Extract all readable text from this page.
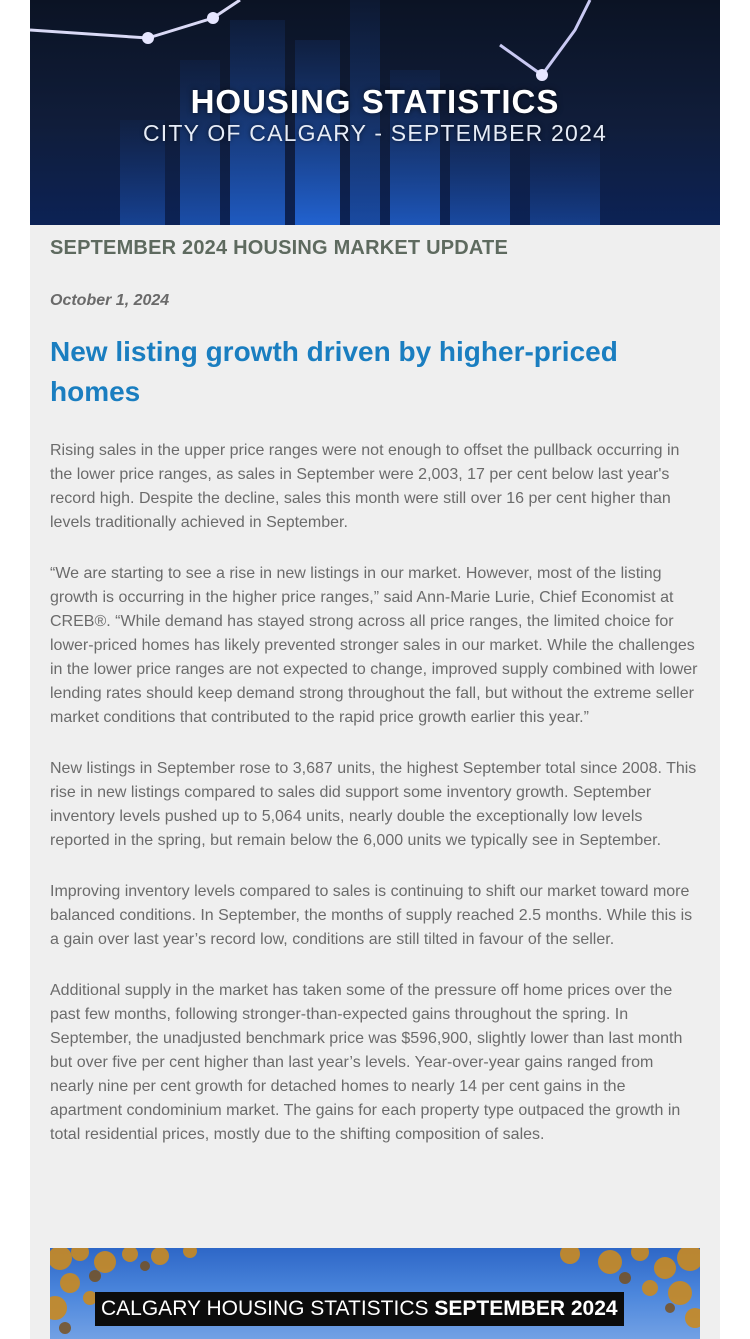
HOUSING STATISTICS
CITY OF CALGARY - SEPTEMBER 2024
SEPTEMBER 2024 HOUSING MARKET UPDATE
October 1, 2024
New listing growth driven by higher-priced homes

Rising sales in the upper price ranges were not enough to offset the pullback occurring in the lower price ranges, as sales in September were 2,003, 17 per cent below last year's record high. Despite the decline, sales this month were still over 16 per cent higher than levels traditionally achieved in September.

“We are starting to see a rise in new listings in our market. However, most of the listing growth is occurring in the higher price ranges,” said Ann-Marie Lurie, Chief Economist at CREB®. “While demand has stayed strong across all price ranges, the limited choice for lower-priced homes has likely prevented stronger sales in our market. While the challenges in the lower price ranges are not expected to change, improved supply combined with lower lending rates should keep demand strong throughout the fall, but without the extreme seller market conditions that contributed to the rapid price growth earlier this year.”

New listings in September rose to 3,687 units, the highest September total since 2008. This rise in new listings compared to sales did support some inventory growth. September inventory levels pushed up to 5,064 units, nearly double the exceptionally low levels reported in the spring, but remain below the 6,000 units we typically see in September.

Improving inventory levels compared to sales is continuing to shift our market toward more balanced conditions. In September, the months of supply reached 2.5 months. While this is a gain over last year’s record low, conditions are still tilted in favour of the seller.

Additional supply in the market has taken some of the pressure off home prices over the past few months, following stronger-than-expected gains throughout the spring. In September, the unadjusted benchmark price was $596,900, slightly lower than last month but over five per cent higher than last year’s levels. Year-over-year gains ranged from nearly nine per cent growth for detached homes to nearly 14 per cent gains in the apartment condominium market. The gains for each property type outpaced the growth in total residential prices, mostly due to the shifting composition of sales.

CALGARY HOUSING STATISTICS SEPTEMBER 2024
